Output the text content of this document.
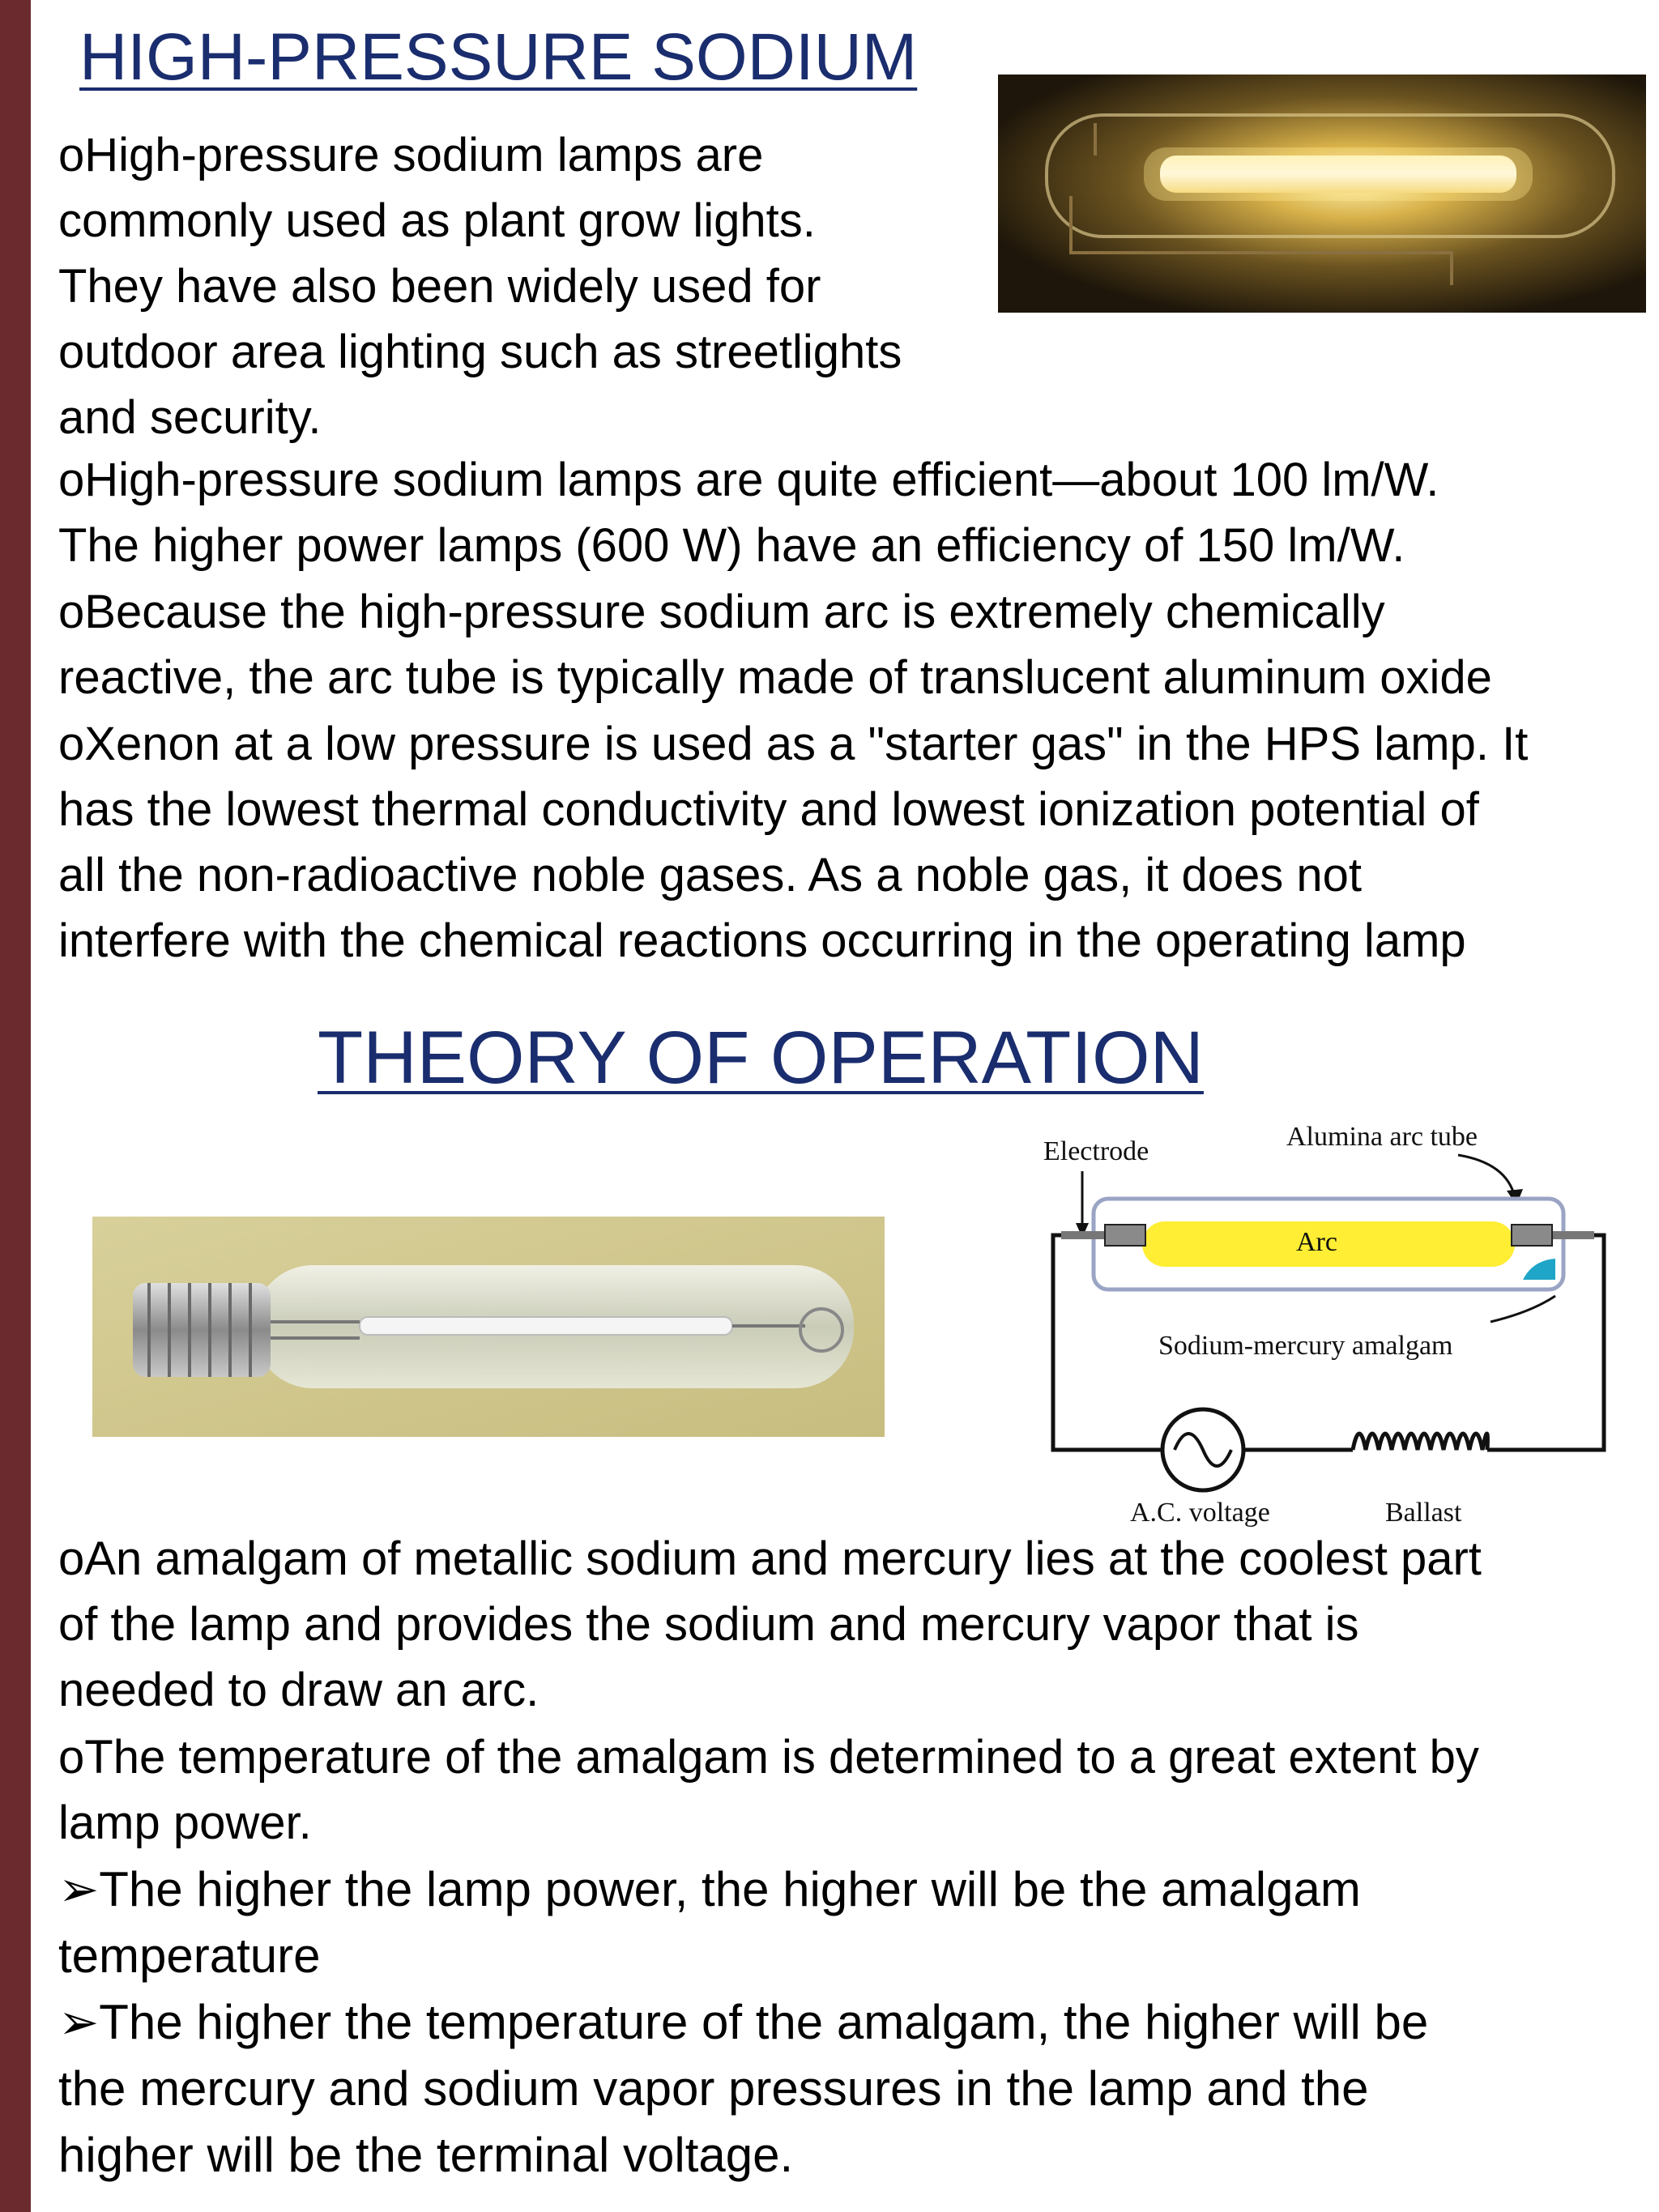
HIGH-PRESSURE SODIUM
oHigh-pressure sodium lamps are
commonly used as plant grow lights.
They have also been widely used for
outdoor area lighting such as streetlights
and security.
oHigh-pressure sodium lamps are quite efficient—about 100 lm/W.
The higher power lamps (600 W) have an efficiency of 150 lm/W.
oBecause the high-pressure sodium arc is extremely chemically
reactive, the arc tube is typically made of translucent aluminum oxide
oXenon at a low pressure is used as a "starter gas" in the HPS lamp. It
has the lowest thermal conductivity and lowest ionization potential of
all the non-radioactive noble gases. As a noble gas, it does not
interfere with the chemical reactions occurring in the operating lamp
THEORY OF OPERATION
Electrode	Alumina arc tube
Arc
Sodium-mercury amalgam
A.C. voltage	Ballast
oAn amalgam of metallic sodium and mercury lies at the coolest part
of the lamp and provides the sodium and mercury vapor that is
needed to draw an arc.
oThe temperature of the amalgam is determined to a great extent by
lamp power.
➢The higher the lamp power, the higher will be the amalgam
temperature
➢The higher the temperature of the amalgam, the higher will be
the mercury and sodium vapor pressures in the lamp and the
higher will be the terminal voltage.
